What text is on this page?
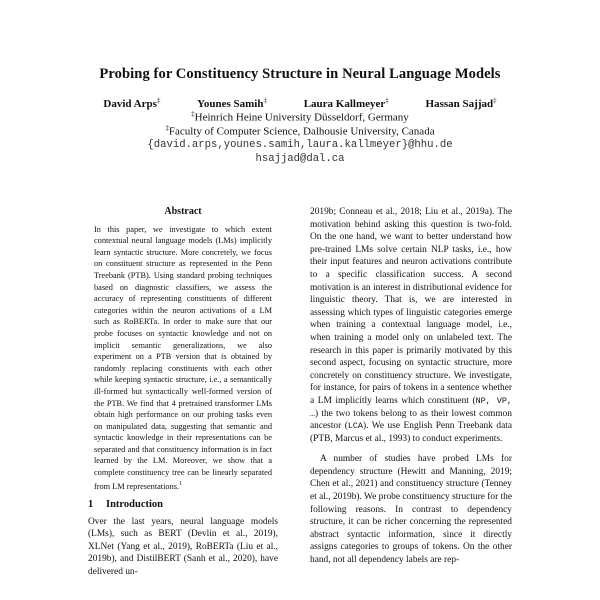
Probing for Constituency Structure in Neural Language Models
David Arps‡	Younes Samih‡	Laura Kallmeyer‡	Hassan Sajjad‡
‡Heinrich Heine University Düsseldorf, Germany
‡Faculty of Computer Science, Dalhousie University, Canada
{david.arps,younes.samih,laura.kallmeyer}@hhu.de
hsajjad@dal.ca
Abstract
In this paper, we investigate to which extent contextual neural language models (LMs) implicitly learn syntactic structure. More concretely, we focus on constituent structure as represented in the Penn Treebank (PTB). Using standard probing techniques based on diagnostic classifiers, we assess the accuracy of representing constituents of different categories within the neuron activations of a LM such as RoBERTa. In order to make sure that our probe focuses on syntactic knowledge and not on implicit semantic generalizations, we also experiment on a PTB version that is obtained by randomly replacing constituents with each other while keeping syntactic structure, i.e., a semantically ill-formed but syntactically well-formed version of the PTB. We find that 4 pretrained transformer LMs obtain high performance on our probing tasks even on manipulated data, suggesting that semantic and syntactic knowledge in their representations can be separated and that constituency information is in fact learned by the LM. Moreover, we show that a complete constituency tree can be linearly separated from LM representations.$^1$
1 Introduction
Over the last years, neural language models (LMs), such as BERT (Devlin et al., 2019), XLNet (Yang et al., 2019), RoBERTa (Liu et al., 2019b), and DistilBERT (Sanh et al., 2020), have delivered un-

2019b; Conneau et al., 2018; Liu et al., 2019a). The motivation behind asking this question is two-fold. On the one hand, we want to better understand how pre-trained LMs solve certain NLP tasks, i.e., how their input features and neuron activations contribute to a specific classification success. A second motivation is an interest in distributional evidence for linguistic theory. That is, we are interested in assessing which types of linguistic categories emerge when training a contextual language model, i.e., when training a model only on unlabeled text. The research in this paper is primarily motivated by this second aspect, focusing on syntactic structure, more concretely on constituency structure. We investigate, for instance, for pairs of tokens in a sentence whether a LM implicitly learns which constituent (NP, VP, …) the two tokens belong to as their lowest common ancestor (LCA). We use English Penn Treebank data (PTB, Marcus et al., 1993) to conduct experiments.

A number of studies have probed LMs for dependency structure (Hewitt and Manning, 2019; Chen et al., 2021) and constituency structure (Tenney et al., 2019b). We probe constituency structure for the following reasons. In contrast to dependency structure, it can be richer concerning the represented abstract syntactic information, since it directly assigns categories to groups of tokens. On the other hand, not all dependency labels are rep-
